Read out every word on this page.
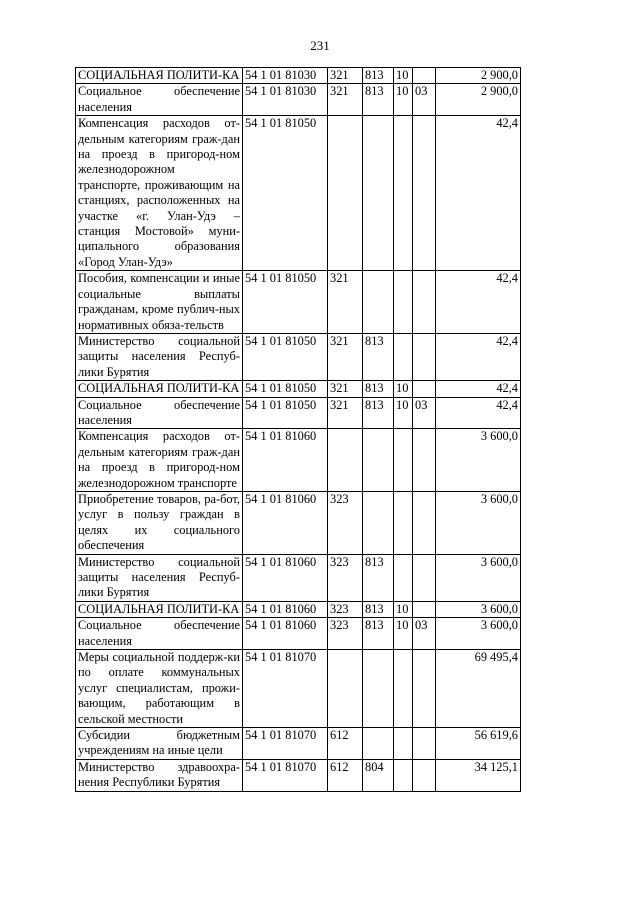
231
СОЦИАЛЬНАЯ ПОЛИТИ-КА	54 1 01 81030	321	813	10		2 900,0
Социальное обеспечение населения	54 1 01 81030	321	813	10	03	2 900,0
Компенсация расходов от-дельным категориям граж-дан на проезд в пригород-ном железнодорожном транспорте, проживающим на станциях, расположенных на участке «г. Улан-Удэ – станция Мостовой» муни-ципального образования «Город Улан-Удэ»	54 1 01 81050					42,4
Пособия, компенсации и иные социальные выплаты гражданам, кроме публич-ных нормативных обяза-тельств	54 1 01 81050	321				42,4
Министерство социальной защиты населения Респуб-лики Бурятия	54 1 01 81050	321	813			42,4
СОЦИАЛЬНАЯ ПОЛИТИ-КА	54 1 01 81050	321	813	10		42,4
Социальное обеспечение населения	54 1 01 81050	321	813	10	03	42,4
Компенсация расходов от-дельным категориям граж-дан на проезд в пригород-ном железнодорожном транспорте	54 1 01 81060					3 600,0
Приобретение товаров, ра-бот, услуг в пользу граждан в целях их социального обеспечения	54 1 01 81060	323				3 600,0
Министерство социальной защиты населения Респуб-лики Бурятия	54 1 01 81060	323	813			3 600,0
СОЦИАЛЬНАЯ ПОЛИТИ-КА	54 1 01 81060	323	813	10		3 600,0
Социальное обеспечение населения	54 1 01 81060	323	813	10	03	3 600,0
Меры социальной поддерж-ки по оплате коммунальных услуг специалистам, прожи-вающим, работающим в сельской местности	54 1 01 81070					69 495,4
Субсидии бюджетным учреждениям на иные цели	54 1 01 81070	612				56 619,6
Министерство здравоохра-нения Республики Бурятия	54 1 01 81070	612	804			34 125,1
